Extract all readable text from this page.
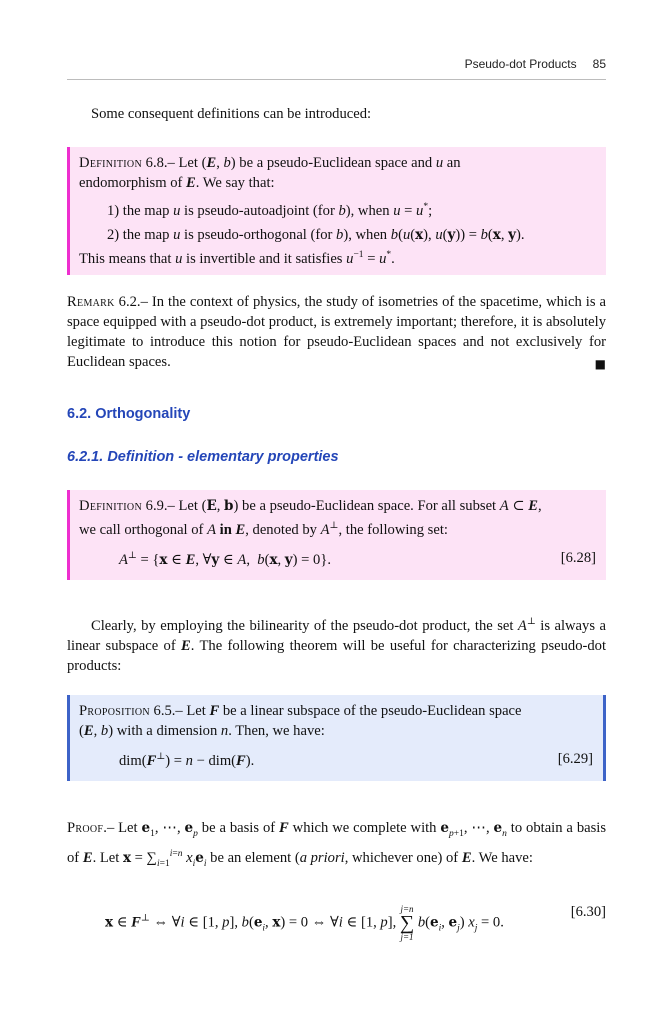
Pseudo-dot Products 85
Some consequent definitions can be introduced:
Definition 6.8.– Let (E, b) be a pseudo-Euclidean space and u an
endomorphism of E. We say that:
1) the map u is pseudo-autoadjoint (for b), when u = u*;
2) the map u is pseudo-orthogonal (for b), when b(u(x), u(y)) = b(x, y).
This means that u is invertible and it satisfies $u^{-1} = u^*$.
Remark 6.2.– In the context of physics, the study of isometries of the spacetime, which is a space equipped with a pseudo-dot product, is extremely important; therefore, it is absolutely legitimate to introduce this notion for pseudo-Euclidean spaces and not exclusively for Euclidean spaces.	■
6.2. Orthogonality
6.2.1. Definition - elementary properties
Definition 6.9.– Let (E, b) be a pseudo-Euclidean space. For all subset A ⊂ E,
we call orthogonal of A in E, denoted by A⊥, the following set:
A⊥ = {x ∈ E, ∀y ∈ A,  b(x, y) = 0}.	[6.28]
Clearly, by employing the bilinearity of the pseudo-dot product, the set A⊥ is always a linear subspace of E. The following theorem will be useful for characterizing pseudo-dot products:
Proposition 6.5.– Let F be a linear subspace of the pseudo-Euclidean space
(E, b) with a dimension n. Then, we have:
dim(F⊥) = n − dim(F).	[6.29]
Proof.– Let $e_1$, ⋯, $e_p$ be a basis of F which we complete with $e_{p+1}$, ⋯, $e_n$ to obtain a basis of E. Let $x = \sum_{i=1}^{i=n}$ $x_ie_i$ be an element (a priori, whichever one) of E. We have:
x ∈ F⊥ ⇔ ∀i ∈ [1, p], $b(e_i$, x) = 0 ⇔ ∀i ∈ [1, p],
j=n
∑
j=1
$b(e_i$, $e_j$) $x_j = 0$.
[6.30]
